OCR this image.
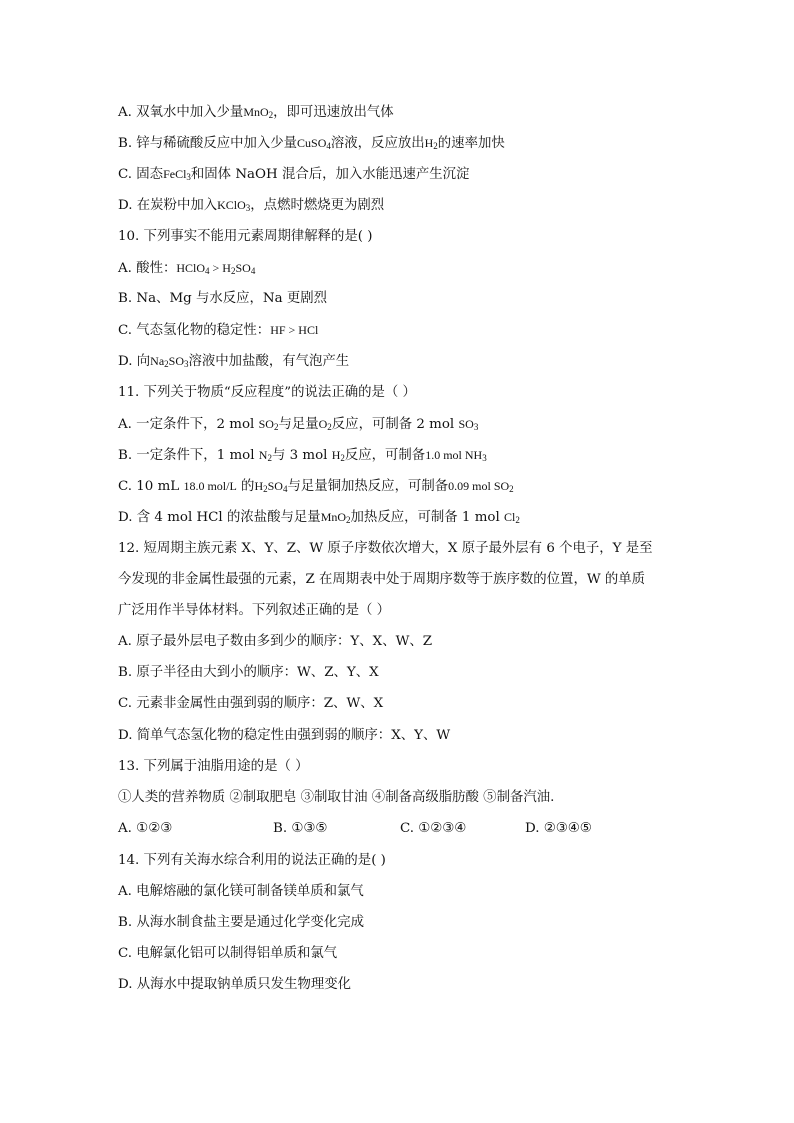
A. 双氧水中加入少量MnO$_2$，即可迅速放出气体
B. 锌与稀硫酸反应中加入少量CuSO$_4$溶液，反应放出$H_2$的速率加快
C. 固态FeCl$_3$和固体 NaOH 混合后，加入水能迅速产生沉淀
D. 在炭粉中加入KClO$_3$，点燃时燃烧更为剧烈
10. 下列事实不能用元素周期律解释的是( )
A. 酸性：HClO$_4$ > $H_2SO_4$
B. Na、Mg 与水反应，Na 更剧烈
C. 气态氢化物的稳定性：HF > HCl
D. 向$Na_2SO_3$溶液中加盐酸，有气泡产生
11. 下列关于物质“反应程度”的说法正确的是（ ）
A. 一定条件下，2 mol $SO_2$与足量$O_2$反应，可制备 2 mol $SO_3$
B. 一定条件下，1 mol $N_2$与 3 mol $H_2$反应，可制备1.0 mol $NH_3$
C. 10 mL 18.0 mol/L 的$H_2SO_4$与足量铜加热反应，可制备0.09 mol $SO_2$
D. 含 4 mol HCl 的浓盐酸与足量MnO$_2$加热反应，可制备 1 mol $Cl_2$
12. 短周期主族元素 X、Y、Z、W 原子序数依次增大，X 原子最外层有 6 个电子，Y 是至
今发现的非金属性最强的元素，Z 在周期表中处于周期序数等于族序数的位置，W 的单质
广泛用作半导体材料。下列叙述正确的是（ ）
A. 原子最外层电子数由多到少的顺序：Y、X、W、Z
B. 原子半径由大到小的顺序：W、Z、Y、X
C. 元素非金属性由强到弱的顺序：Z、W、X
D. 简单气态氢化物的稳定性由强到弱的顺序：X、Y、W
13. 下列属于油脂用途的是（ ）
①人类的营养物质 ②制取肥皂 ③制取甘油 ④制备高级脂肪酸 ⑤制备汽油.
A. ①②③	B. ①③⑤	C. ①②③④	D. ②③④⑤
14. 下列有关海水综合利用的说法正确的是( )
A. 电解熔融的氯化镁可制备镁单质和氯气
B. 从海水制食盐主要是通过化学变化完成
C. 电解氯化铝可以制得铝单质和氯气
D. 从海水中提取钠单质只发生物理变化
